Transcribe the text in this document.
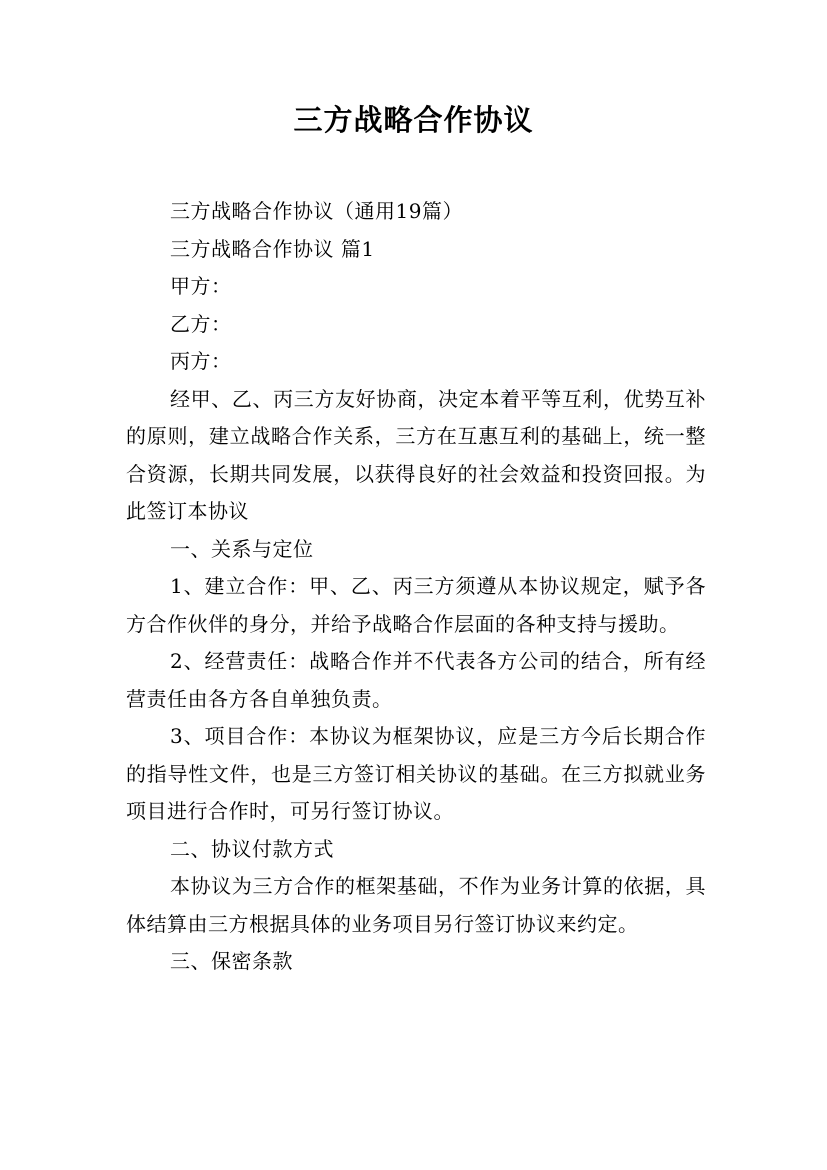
三方战略合作协议

三方战略合作协议（通用19篇）

三方战略合作协议 篇1

甲方：

乙方：

丙方：

经甲、乙、丙三方友好协商，决定本着平等互利，优势互补的原则，建立战略合作关系，三方在互惠互利的基础上，统一整合资源，长期共同发展，以获得良好的社会效益和投资回报。为此签订本协议

一、关系与定位

1、建立合作：甲、乙、丙三方须遵从本协议规定，赋予各方合作伙伴的身分，并给予战略合作层面的各种支持与援助。

2、经营责任：战略合作并不代表各方公司的结合，所有经营责任由各方各自单独负责。

3、项目合作：本协议为框架协议，应是三方今后长期合作的指导性文件，也是三方签订相关协议的基础。在三方拟就业务项目进行合作时，可另行签订协议。

二、协议付款方式

本协议为三方合作的框架基础，不作为业务计算的依据，具体结算由三方根据具体的业务项目另行签订协议来约定。

三、保密条款
